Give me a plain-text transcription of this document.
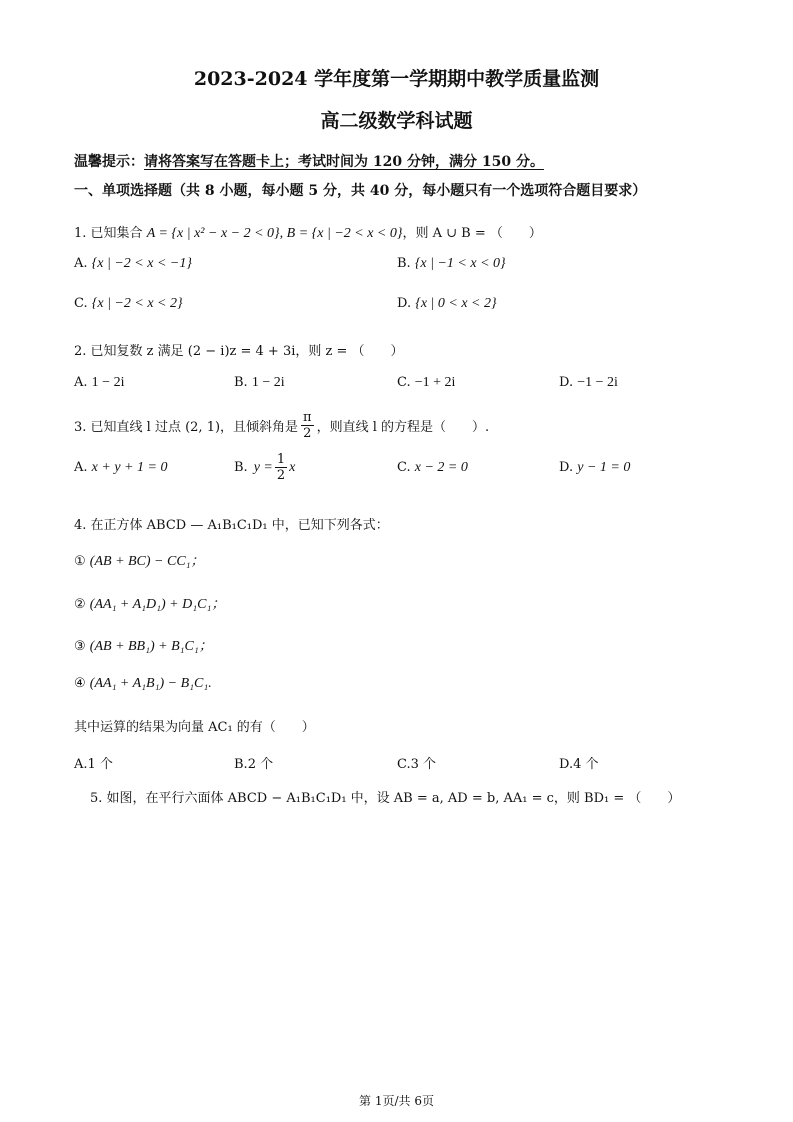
2023-2024 学年度第一学期期中教学质量监测
高二级数学科试题
温馨提示：请将答案写在答题卡上；考试时间为 120 分钟，满分 150 分。
一、单项选择题（共 8 小题，每小题 5 分，共 40 分，每小题只有一个选项符合题目要求）
1. 已知集合 A = {x | x² − x − 2 < 0}, B = {x | −2 < x < 0}，则 A ∪ B = （　　）
A. {x | −2 < x < −1}	B. {x | −1 < x < 0}
C. {x | −2 < x < 2}	D. {x | 0 < x < 2}
2. 已知复数 z 满足 (2 − i)z = 4 + 3i，则 z = （　　）
A. 1 − 2i	B. 1 − 2i	C. −1 + 2i	D. −1 − 2i
3. 已知直线 l 过点 (2, 1)，且倾斜角是 $\frac{\pi}{2}$ ，则直线 l 的方程是（　　）.
A. x + y + 1 = 0	B. $y = \frac{1}{2}$ x	C. x − 2 = 0	D. y − 1 = 0
4. 在正方体 ABCD — A₁B₁C₁D₁ 中，已知下列各式：
① (AB + BC) − CC₁；
② (AA₁ + A₁D₁) + D₁C₁；
③ (AB + BB₁) + B₁C₁；
④ (AA₁ + A₁B₁) − B₁C₁.
其中运算的结果为向量 AC₁ 的有（　　）
A.1 个	B.2 个	C.3 个	D.4 个
5. 如图，在平行六面体 ABCD − A₁B₁C₁D₁ 中，设 AB = a, AD = b, AA₁ = c，则 BD₁ = （　　）
第 1页/共 6页
